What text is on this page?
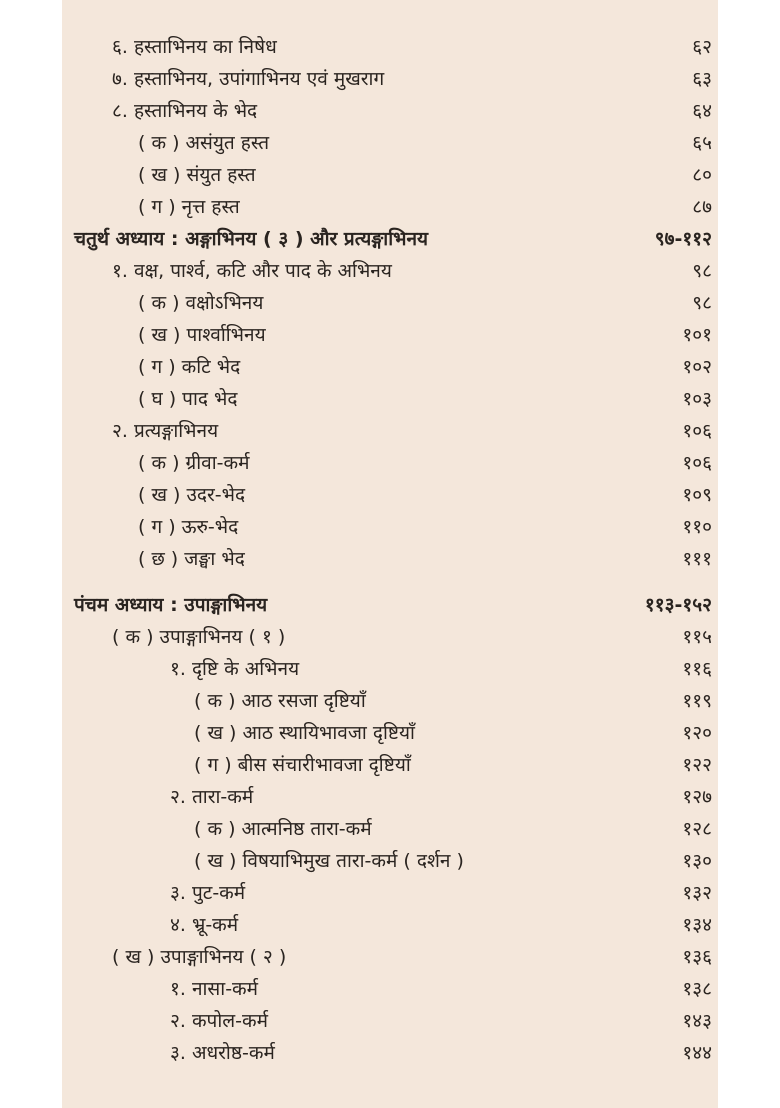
६. हस्ताभिनय का निषेध	६२
७. हस्ताभिनय, उपांगाभिनय एवं मुखराग	६३
८. हस्ताभिनय के भेद	६४
( क ) असंयुत हस्त	६५
( ख ) संयुत हस्त	८०
( ग ) नृत्त हस्त	८७
चतुर्थ अध्याय : अङ्गाभिनय ( ३ ) और प्रत्यङ्गाभिनय	९७-११२
१. वक्ष, पार्श्व, कटि और पाद के अभिनय	९८
( क ) वक्षोऽभिनय	९८
( ख ) पार्श्वाभिनय	१०१
( ग ) कटि भेद	१०२
( घ ) पाद भेद	१०३
२. प्रत्यङ्गाभिनय	१०६
( क ) ग्रीवा-कर्म	१०६
( ख ) उदर-भेद	१०९
( ग ) ऊरु-भेद	११०
( छ ) जङ्घा भेद	१११
पंचम अध्याय : उपाङ्गाभिनय	११३-१५२
( क ) उपाङ्गाभिनय ( १ )	११५
१. दृष्टि के अभिनय	११६
( क ) आठ रसजा दृष्टियाँ	११९
( ख ) आठ स्थायिभावजा दृष्टियाँ	१२०
( ग ) बीस संचारीभावजा दृष्टियाँ	१२२
२. तारा-कर्म	१२७
( क ) आत्मनिष्ठ तारा-कर्म	१२८
( ख ) विषयाभिमुख तारा-कर्म ( दर्शन )	१३०
३. पुट-कर्म	१३२
४. भ्रू-कर्म	१३४
( ख ) उपाङ्गाभिनय ( २ )	१३६
१. नासा-कर्म	१३८
२. कपोल-कर्म	१४३
३. अधरोष्ठ-कर्म	१४४
